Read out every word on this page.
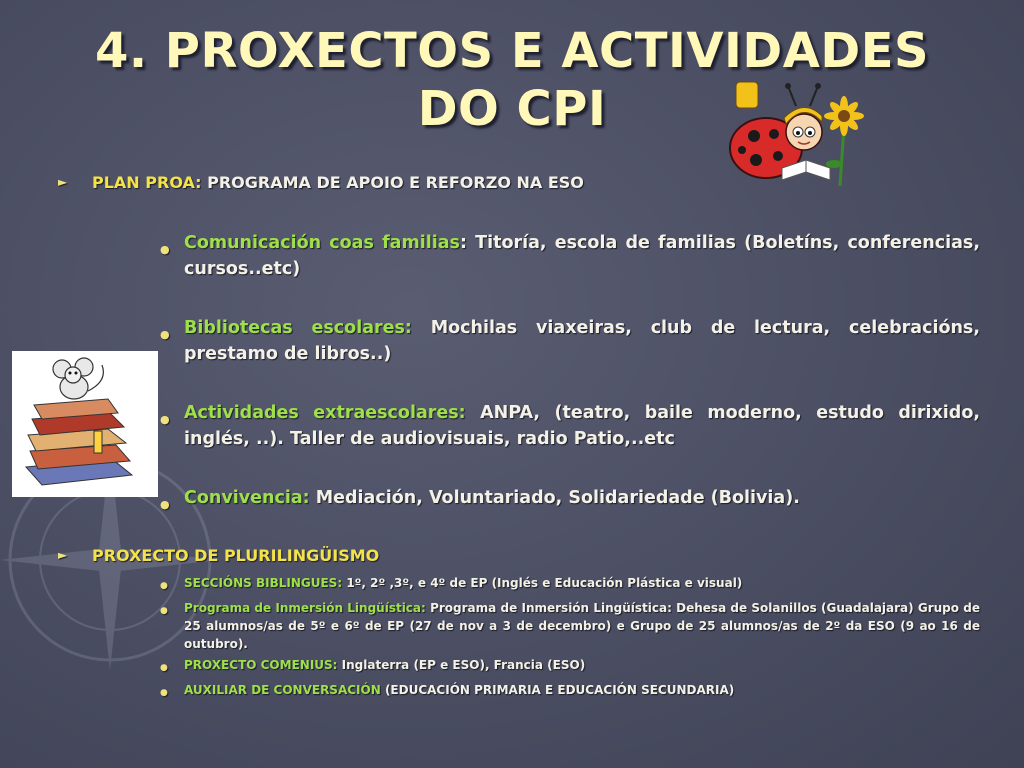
4. PROXECTOS E ACTIVIDADES
DO CPI
►	PLAN PROA: PROGRAMA DE APOIO E REFORZO NA ESO
● Comunicación coas familias: Titoría, escola de familias (Boletíns, conferencias, cursos..etc)
● Bibliotecas escolares: Mochilas viaxeiras, club de lectura, celebracións, prestamo de libros..)
● Actividades extraescolares: ANPA, (teatro, baile moderno, estudo dirixido, inglés, ..). Taller de audiovisuais, radio Patio,..etc
● Convivencia: Mediación, Voluntariado, Solidariedade (Bolivia).
►	PROXECTO DE PLURILINGÜISMO
●	SECCIÓNS BIBLINGUES: 1º, 2º ,3º, e 4º de EP (Inglés e Educación Plástica e visual)
●	Programa de Inmersión Lingüística: Programa de Inmersión Lingüística: Dehesa de Solanillos (Guadalajara) Grupo de 25 alumnos/as de 5º e 6º de EP (27 de nov a 3 de decembro) e Grupo de 25 alumnos/as de 2º da ESO (9 ao 16 de outubro).
●	PROXECTO COMENIUS: Inglaterra (EP e ESO), Francia (ESO)
●	AUXILIAR DE CONVERSACIÓN (EDUCACIÓN PRIMARIA E EDUCACIÓN SECUNDARIA)
